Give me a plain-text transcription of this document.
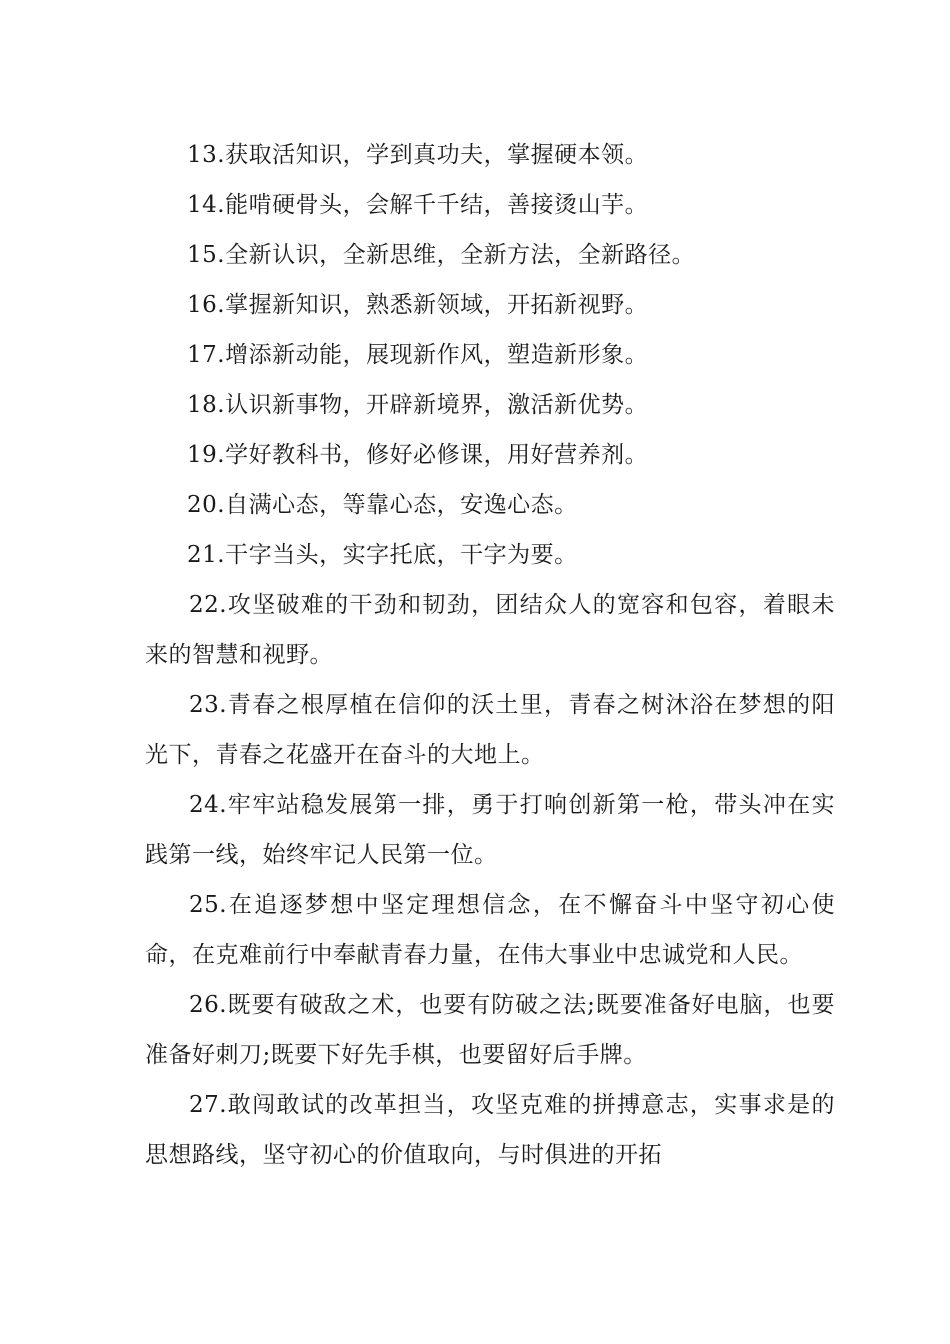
13.获取活知识，学到真功夫，掌握硬本领。
14.能啃硬骨头，会解千千结，善接烫山芋。
15.全新认识，全新思维，全新方法，全新路径。
16.掌握新知识，熟悉新领域，开拓新视野。
17.增添新动能，展现新作风，塑造新形象。
18.认识新事物，开辟新境界，激活新优势。
19.学好教科书，修好必修课，用好营养剂。
20.自满心态，等靠心态，安逸心态。
21.干字当头，实字托底，干字为要。
22.攻坚破难的干劲和韧劲，团结众人的宽容和包容，着眼未来的智慧和视野。
23.青春之根厚植在信仰的沃土里，青春之树沐浴在梦想的阳光下，青春之花盛开在奋斗的大地上。
24.牢牢站稳发展第一排，勇于打响创新第一枪，带头冲在实践第一线，始终牢记人民第一位。
25.在追逐梦想中坚定理想信念，在不懈奋斗中坚守初心使命，在克难前行中奉献青春力量，在伟大事业中忠诚党和人民。
26.既要有破敌之术，也要有防破之法;既要准备好电脑，也要准备好刺刀;既要下好先手棋，也要留好后手牌。
27.敢闯敢试的改革担当，攻坚克难的拼搏意志，实事求是的思想路线，坚守初心的价值取向，与时俱进的开拓
